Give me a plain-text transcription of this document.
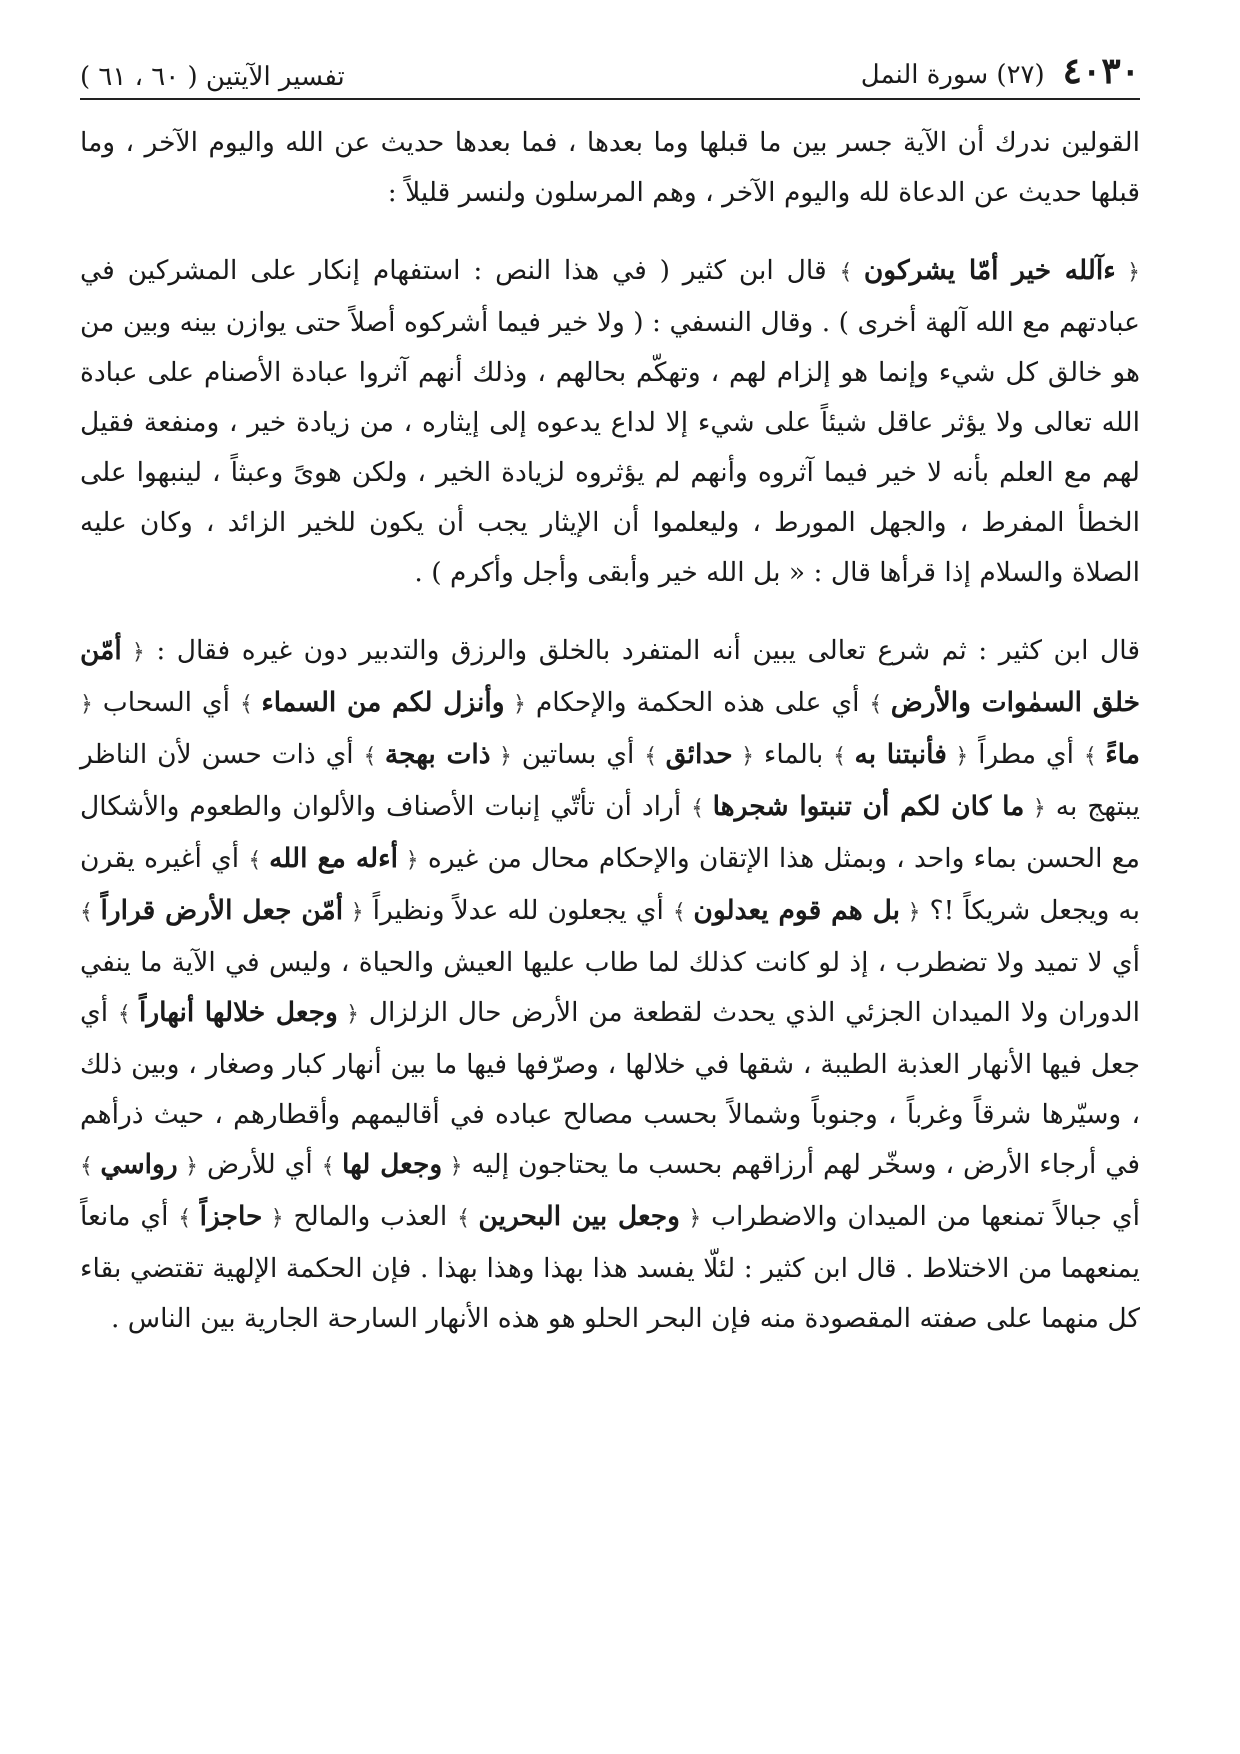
٤٠٣٠
(٢٧) سورة النمل
تفسير الآيتين ( ٦٠ ، ٦١ )

القولين ندرك أن الآية جسر بين ما قبلها وما بعدها ، فما بعدها حديث عن الله واليوم الآخر ، وما قبلها حديث عن الدعاة لله واليوم الآخر ، وهم المرسلون ولنسر قليلاً :

﴿ ءآلله خير أمّا يشركون ﴾ قال ابن كثير ( في هذا النص : استفهام إنكار على المشركين في عبادتهم مع الله آلهة أخرى ) . وقال النسفي : ( ولا خير فيما أشركوه أصلاً حتى يوازن بينه وبين من هو خالق كل شيء وإنما هو إلزام لهم ، وتهكّم بحالهم ، وذلك أنهم آثروا عبادة الأصنام على عبادة الله تعالى ولا يؤثر عاقل شيئاً على شيء إلا لداع يدعوه إلى إيثاره ، من زيادة خير ، ومنفعة فقيل لهم مع العلم بأنه لا خير فيما آثروه وأنهم لم يؤثروه لزيادة الخير ، ولكن هوىً وعبثاً ، لينبهوا على الخطأ المفرط ، والجهل المورط ، وليعلموا أن الإيثار يجب أن يكون للخير الزائد ، وكان عليه الصلاة والسلام إذا قرأها قال : « بل الله خير وأبقى وأجل وأكرم ) .

قال ابن كثير : ثم شرع تعالى يبين أنه المتفرد بالخلق والرزق والتدبير دون غيره فقال : ﴿ أمّن خلق السمٰوات والأرض ﴾ أي على هذه الحكمة والإحكام ﴿ وأنزل لكم من السماء ﴾ أي السحاب ﴿ ماءً ﴾ أي مطراً ﴿ فأنبتنا به ﴾ بالماء ﴿ حدائق ﴾ أي بساتين ﴿ ذات بهجة ﴾ أي ذات حسن لأن الناظر يبتهج به ﴿ ما كان لكم أن تنبتوا شجرها ﴾ أراد أن تأتّي إنبات الأصناف والألوان والطعوم والأشكال مع الحسن بماء واحد ، وبمثل هذا الإتقان والإحكام محال من غيره ﴿ أءله مع الله ﴾ أي أغيره يقرن به ويجعل شريكاً !؟ ﴿ بل هم قوم يعدلون ﴾ أي يجعلون لله عدلاً ونظيراً ﴿ أمّن جعل الأرض قراراً ﴾ أي لا تميد ولا تضطرب ، إذ لو كانت كذلك لما طاب عليها العيش والحياة ، وليس في الآية ما ينفي الدوران ولا الميدان الجزئي الذي يحدث لقطعة من الأرض حال الزلزال ﴿ وجعل خلالها أنهاراً ﴾ أي جعل فيها الأنهار العذبة الطيبة ، شقها في خلالها ، وصرّفها فيها ما بين أنهار كبار وصغار ، وبين ذلك ، وسيّرها شرقاً وغرباً ، وجنوباً وشمالاً بحسب مصالح عباده في أقاليمهم وأقطارهم ، حيث ذرأهم في أرجاء الأرض ، وسخّر لهم أرزاقهم بحسب ما يحتاجون إليه ﴿ وجعل لها ﴾ أي للأرض ﴿ رواسي ﴾ أي جبالاً تمنعها من الميدان والاضطراب ﴿ وجعل بين البحرين ﴾ العذب والمالح ﴿ حاجزاً ﴾ أي مانعاً يمنعهما من الاختلاط . قال ابن كثير : لئلّا يفسد هذا بهذا وهذا بهذا . فإن الحكمة الإلهية تقتضي بقاء كل منهما على صفته المقصودة منه فإن البحر الحلو هو هذه الأنهار السارحة الجارية بين الناس .
